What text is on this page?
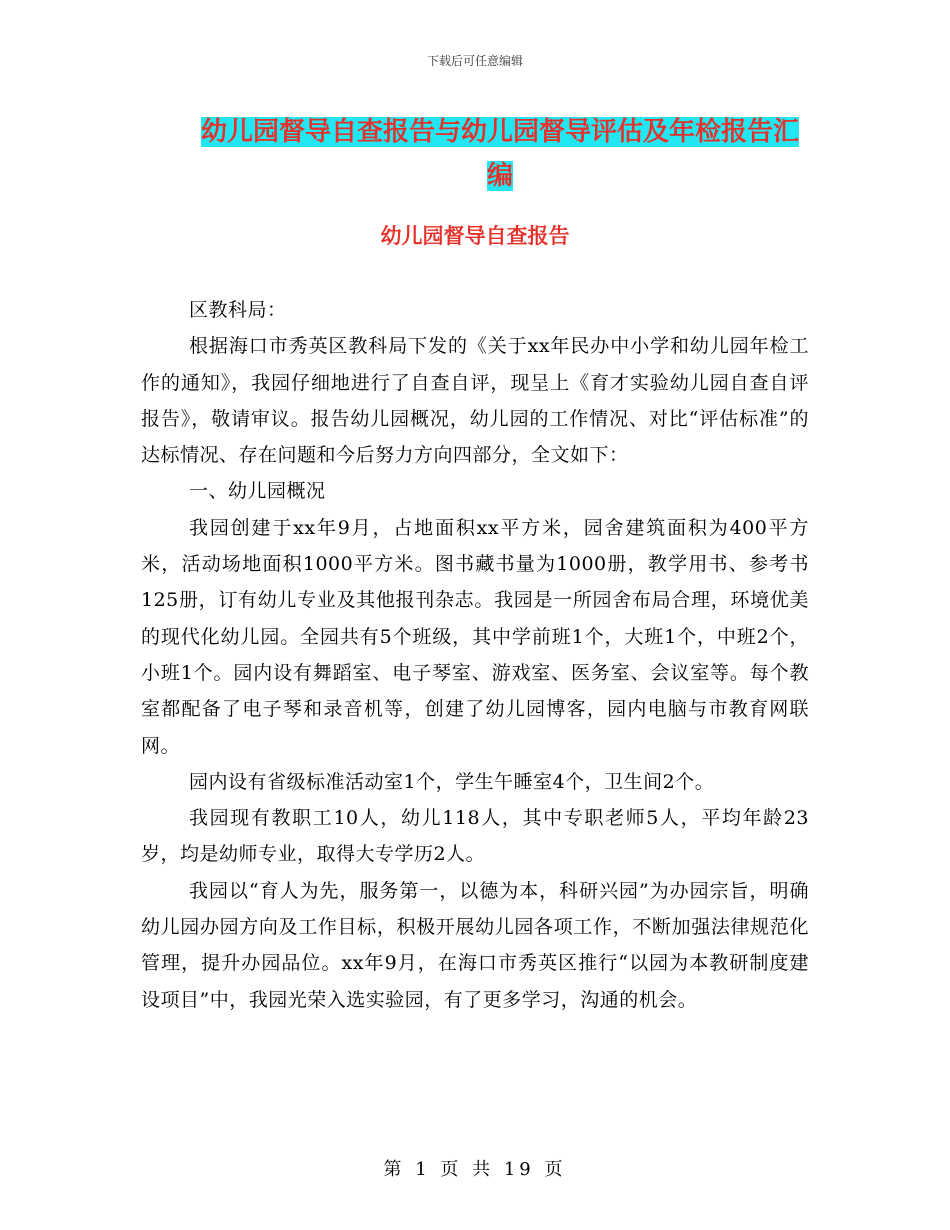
下载后可任意编辑
幼儿园督导自查报告与幼儿园督导评估及年检报告汇
编
幼儿园督导自查报告

区教科局：

根据海口市秀英区教科局下发的《关于xx年民办中小学和幼儿园年检工作的通知》，我园仔细地进行了自查自评，现呈上《育才实验幼儿园自查自评报告》，敬请审议。报告幼儿园概况，幼儿园的工作情况、对比“评估标准”的达标情况、存在问题和今后努力方向四部分，全文如下：

一、幼儿园概况

我园创建于xx年9月，占地面积xx平方米，园舍建筑面积为400平方米，活动场地面积1000平方米。图书藏书量为1000册，教学用书、参考书125册，订有幼儿专业及其他报刊杂志。我园是一所园舍布局合理，环境优美的现代化幼儿园。全园共有5个班级，其中学前班1个，大班1个，中班2个，小班1个。园内设有舞蹈室、电子琴室、游戏室、医务室、会议室等。每个教室都配备了电子琴和录音机等，创建了幼儿园博客，园内电脑与市教育网联网。

园内设有省级标准活动室1个，学生午睡室4个，卫生间2个。

我园现有教职工10人，幼儿118人，其中专职老师5人，平均年龄23岁，均是幼师专业，取得大专学历2人。

我园以“育人为先，服务第一，以德为本，科研兴园”为办园宗旨，明确幼儿园办园方向及工作目标，积极开展幼儿园各项工作，不断加强法律规范化管理，提升办园品位。xx年9月，在海口市秀英区推行“以园为本教研制度建设项目”中，我园光荣入选实验园，有了更多学习，沟通的机会。

第 1 页 共 19 页
